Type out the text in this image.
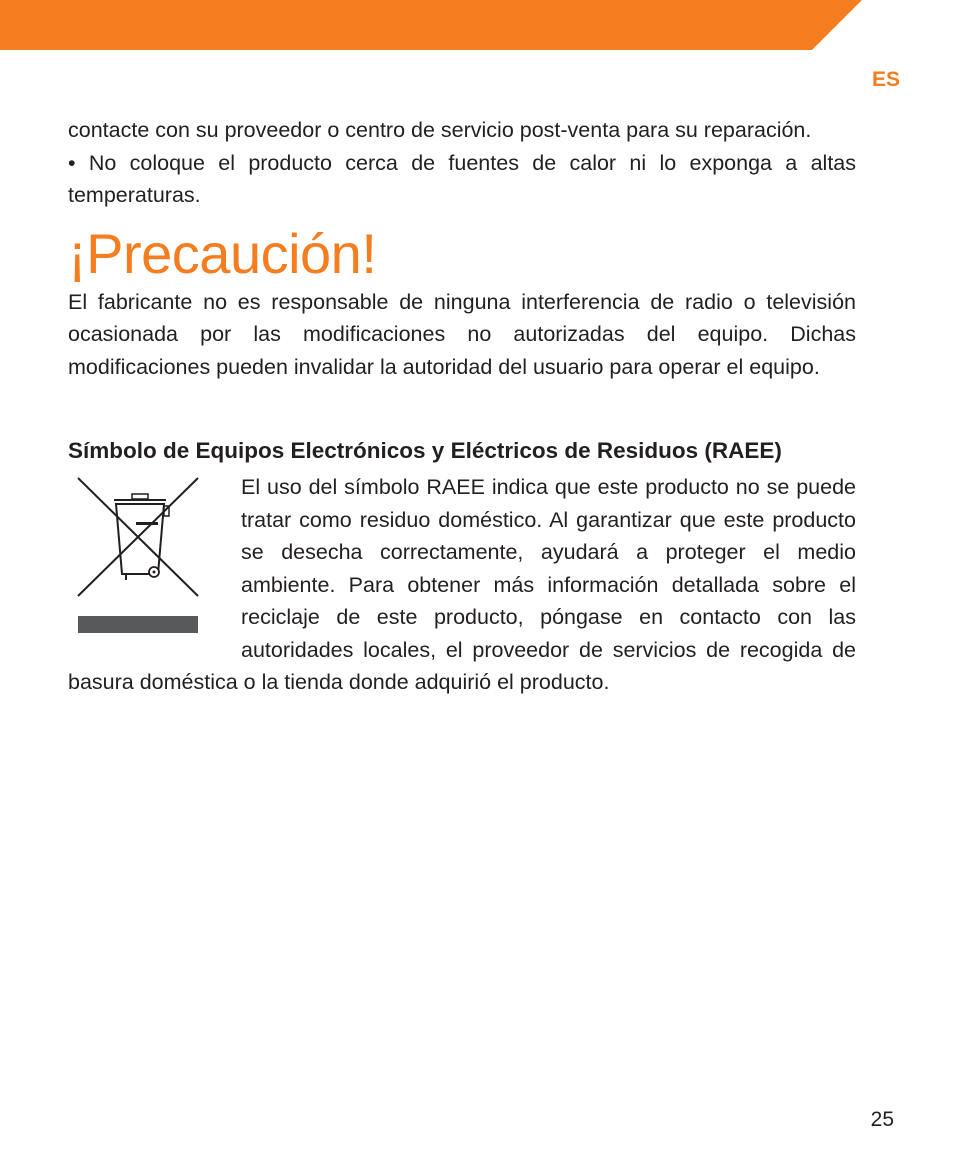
ES

contacte con su proveedor o centro de servicio post-venta para su reparación.

• No coloque el producto cerca de fuentes de calor ni lo exponga a altas temperaturas.

¡Precaución!

El fabricante no es responsable de ninguna interferencia de radio o televisión ocasionada por las modificaciones no autorizadas del equipo. Dichas modificaciones pueden invalidar la autoridad del usuario para operar el equipo.

Símbolo de Equipos Electrónicos y Eléctricos de Residuos (RAEE)

El uso del símbolo RAEE indica que este producto no se puede tratar como residuo doméstico. Al garantizar que este producto se desecha correctamente, ayudará a proteger el medio ambiente. Para obtener más información detallada sobre el reciclaje de este producto, póngase en contacto con las autoridades locales, el proveedor de servicios de recogida de basura doméstica o la tienda donde adquirió el producto.

25
